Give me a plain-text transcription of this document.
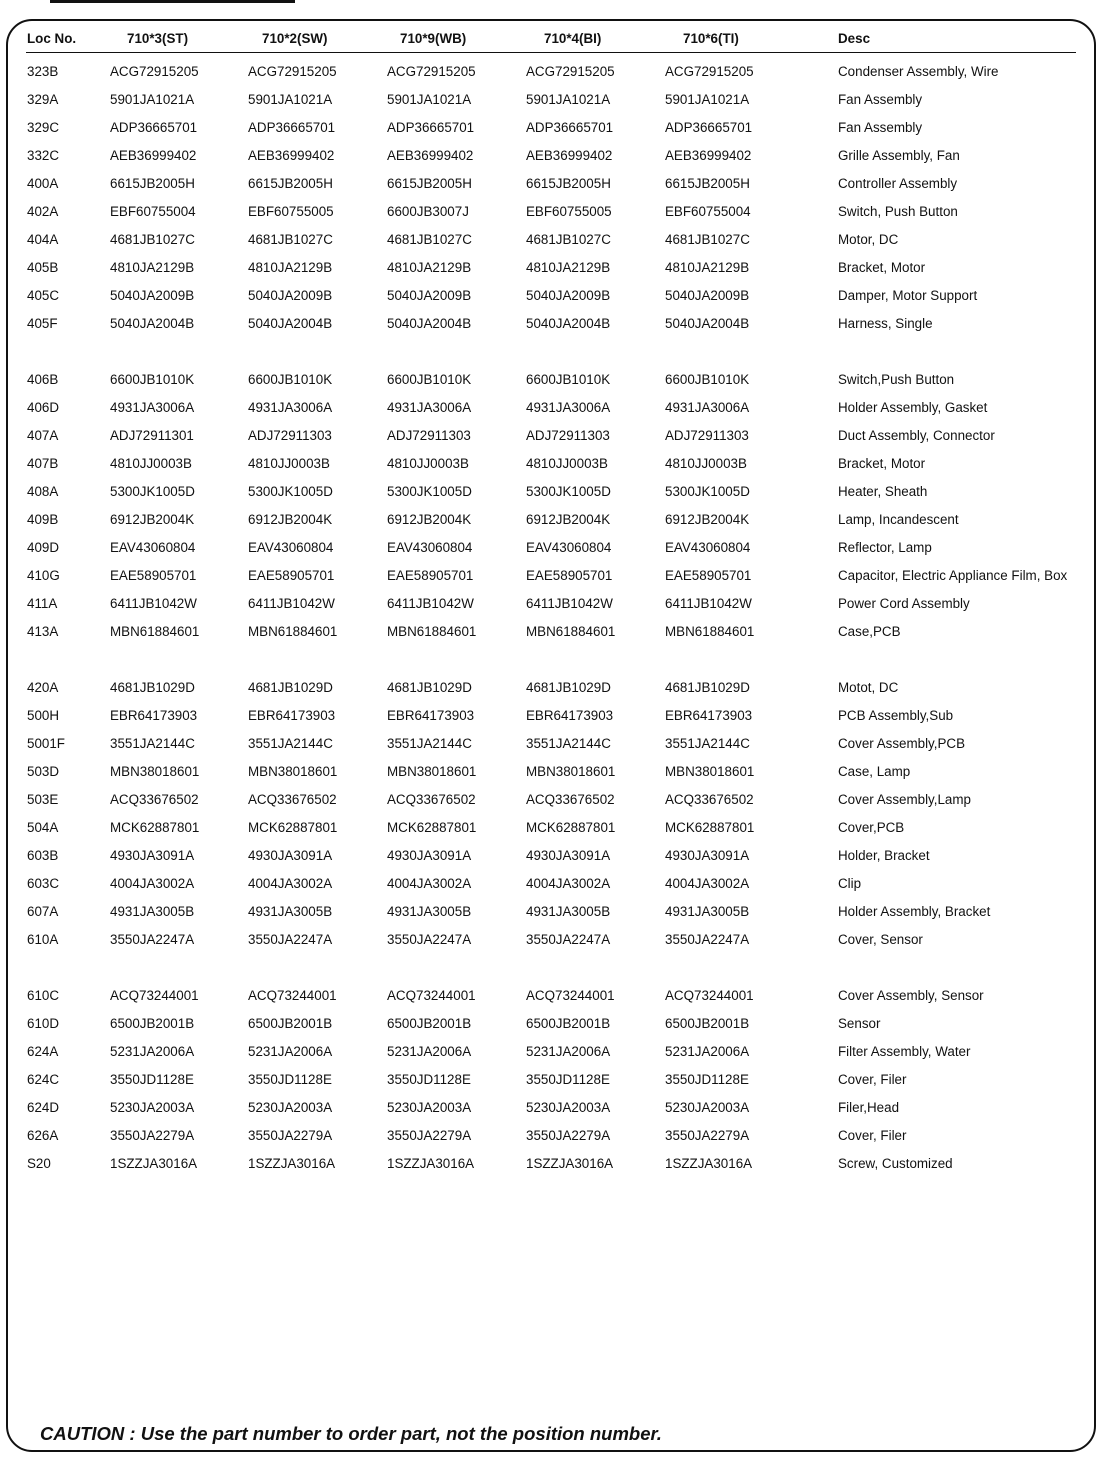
Loc No.	710*3(ST)	710*2(SW)	710*9(WB)	710*4(BI)	710*6(TI)	Desc
323B	ACG72915205	ACG72915205	ACG72915205	ACG72915205	ACG72915205	Condenser Assembly, Wire
329A	5901JA1021A	5901JA1021A	5901JA1021A	5901JA1021A	5901JA1021A	Fan Assembly
329C	ADP36665701	ADP36665701	ADP36665701	ADP36665701	ADP36665701	Fan Assembly
332C	AEB36999402	AEB36999402	AEB36999402	AEB36999402	AEB36999402	Grille Assembly, Fan
400A	6615JB2005H	6615JB2005H	6615JB2005H	6615JB2005H	6615JB2005H	Controller Assembly
402A	EBF60755004	EBF60755005	6600JB3007J	EBF60755005	EBF60755004	Switch, Push Button
404A	4681JB1027C	4681JB1027C	4681JB1027C	4681JB1027C	4681JB1027C	Motor, DC
405B	4810JA2129B	4810JA2129B	4810JA2129B	4810JA2129B	4810JA2129B	Bracket, Motor
405C	5040JA2009B	5040JA2009B	5040JA2009B	5040JA2009B	5040JA2009B	Damper, Motor Support
405F	5040JA2004B	5040JA2004B	5040JA2004B	5040JA2004B	5040JA2004B	Harness, Single
406B	6600JB1010K	6600JB1010K	6600JB1010K	6600JB1010K	6600JB1010K	Switch,Push Button
406D	4931JA3006A	4931JA3006A	4931JA3006A	4931JA3006A	4931JA3006A	Holder Assembly, Gasket
407A	ADJ72911301	ADJ72911303	ADJ72911303	ADJ72911303	ADJ72911303	Duct Assembly, Connector
407B	4810JJ0003B	4810JJ0003B	4810JJ0003B	4810JJ0003B	4810JJ0003B	Bracket, Motor
408A	5300JK1005D	5300JK1005D	5300JK1005D	5300JK1005D	5300JK1005D	Heater, Sheath
409B	6912JB2004K	6912JB2004K	6912JB2004K	6912JB2004K	6912JB2004K	Lamp, Incandescent
409D	EAV43060804	EAV43060804	EAV43060804	EAV43060804	EAV43060804	Reflector, Lamp
410G	EAE58905701	EAE58905701	EAE58905701	EAE58905701	EAE58905701	Capacitor, Electric Appliance Film, Box
411A	6411JB1042W	6411JB1042W	6411JB1042W	6411JB1042W	6411JB1042W	Power Cord Assembly
413A	MBN61884601	MBN61884601	MBN61884601	MBN61884601	MBN61884601	Case,PCB
420A	4681JB1029D	4681JB1029D	4681JB1029D	4681JB1029D	4681JB1029D	Motot, DC
500H	EBR64173903	EBR64173903	EBR64173903	EBR64173903	EBR64173903	PCB Assembly,Sub
5001F	3551JA2144C	3551JA2144C	3551JA2144C	3551JA2144C	3551JA2144C	Cover Assembly,PCB
503D	MBN38018601	MBN38018601	MBN38018601	MBN38018601	MBN38018601	Case, Lamp
503E	ACQ33676502	ACQ33676502	ACQ33676502	ACQ33676502	ACQ33676502	Cover Assembly,Lamp
504A	MCK62887801	MCK62887801	MCK62887801	MCK62887801	MCK62887801	Cover,PCB
603B	4930JA3091A	4930JA3091A	4930JA3091A	4930JA3091A	4930JA3091A	Holder, Bracket
603C	4004JA3002A	4004JA3002A	4004JA3002A	4004JA3002A	4004JA3002A	Clip
607A	4931JA3005B	4931JA3005B	4931JA3005B	4931JA3005B	4931JA3005B	Holder Assembly, Bracket
610A	3550JA2247A	3550JA2247A	3550JA2247A	3550JA2247A	3550JA2247A	Cover, Sensor
610C	ACQ73244001	ACQ73244001	ACQ73244001	ACQ73244001	ACQ73244001	Cover Assembly, Sensor
610D	6500JB2001B	6500JB2001B	6500JB2001B	6500JB2001B	6500JB2001B	Sensor
624A	5231JA2006A	5231JA2006A	5231JA2006A	5231JA2006A	5231JA2006A	Filter Assembly, Water
624C	3550JD1128E	3550JD1128E	3550JD1128E	3550JD1128E	3550JD1128E	Cover, Filer
624D	5230JA2003A	5230JA2003A	5230JA2003A	5230JA2003A	5230JA2003A	Filer,Head
626A	3550JA2279A	3550JA2279A	3550JA2279A	3550JA2279A	3550JA2279A	Cover, Filer
S20	1SZZJA3016A	1SZZJA3016A	1SZZJA3016A	1SZZJA3016A	1SZZJA3016A	Screw, Customized
CAUTION : Use the part number to order part, not the position number.
